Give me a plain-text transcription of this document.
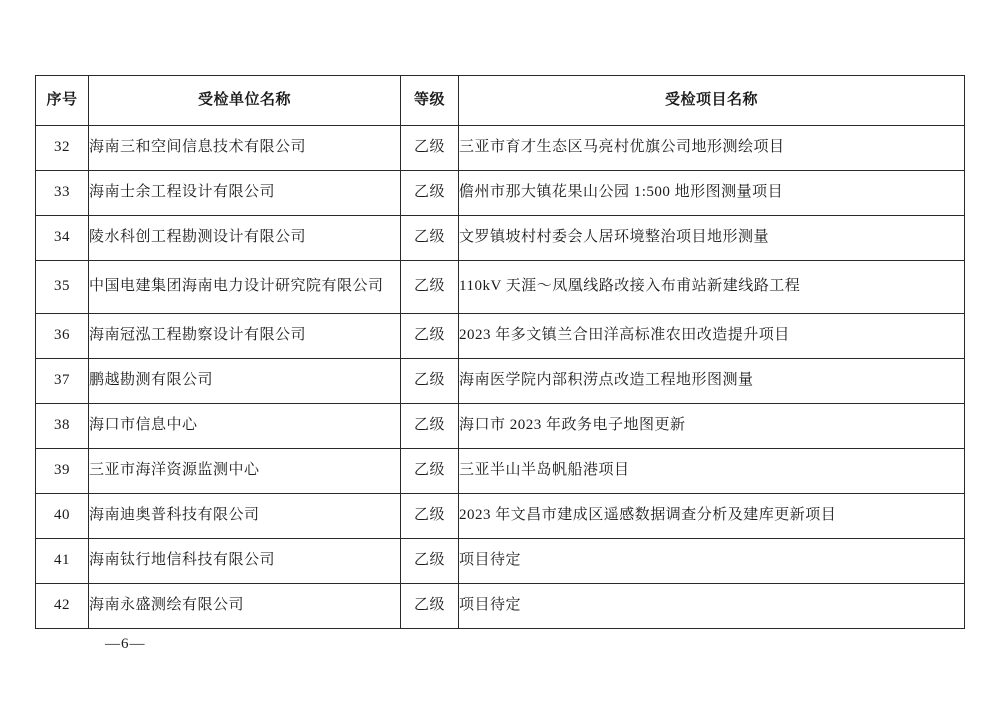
序号	受检单位名称	等级	受检项目名称
32	海南三和空间信息技术有限公司	乙级	三亚市育才生态区马亮村优旗公司地形测绘项目
33	海南士余工程设计有限公司	乙级	儋州市那大镇花果山公园 1:500 地形图测量项目
34	陵水科创工程勘测设计有限公司	乙级	文罗镇坡村村委会人居环境整治项目地形测量
35	中国电建集团海南电力设计研究院有限公司	乙级	110kV 天涯～凤凰线路改接入布甫站新建线路工程
36	海南冠泓工程勘察设计有限公司	乙级	2023 年多文镇兰合田洋高标准农田改造提升项目
37	鹏越勘测有限公司	乙级	海南医学院内部积涝点改造工程地形图测量
38	海口市信息中心	乙级	海口市 2023 年政务电子地图更新
39	三亚市海洋资源监测中心	乙级	三亚半山半岛帆船港项目
40	海南迪奥普科技有限公司	乙级	2023 年文昌市建成区遥感数据调查分析及建库更新项目
41	海南钛行地信科技有限公司	乙级	项目待定
42	海南永盛测绘有限公司	乙级	项目待定
—6—
